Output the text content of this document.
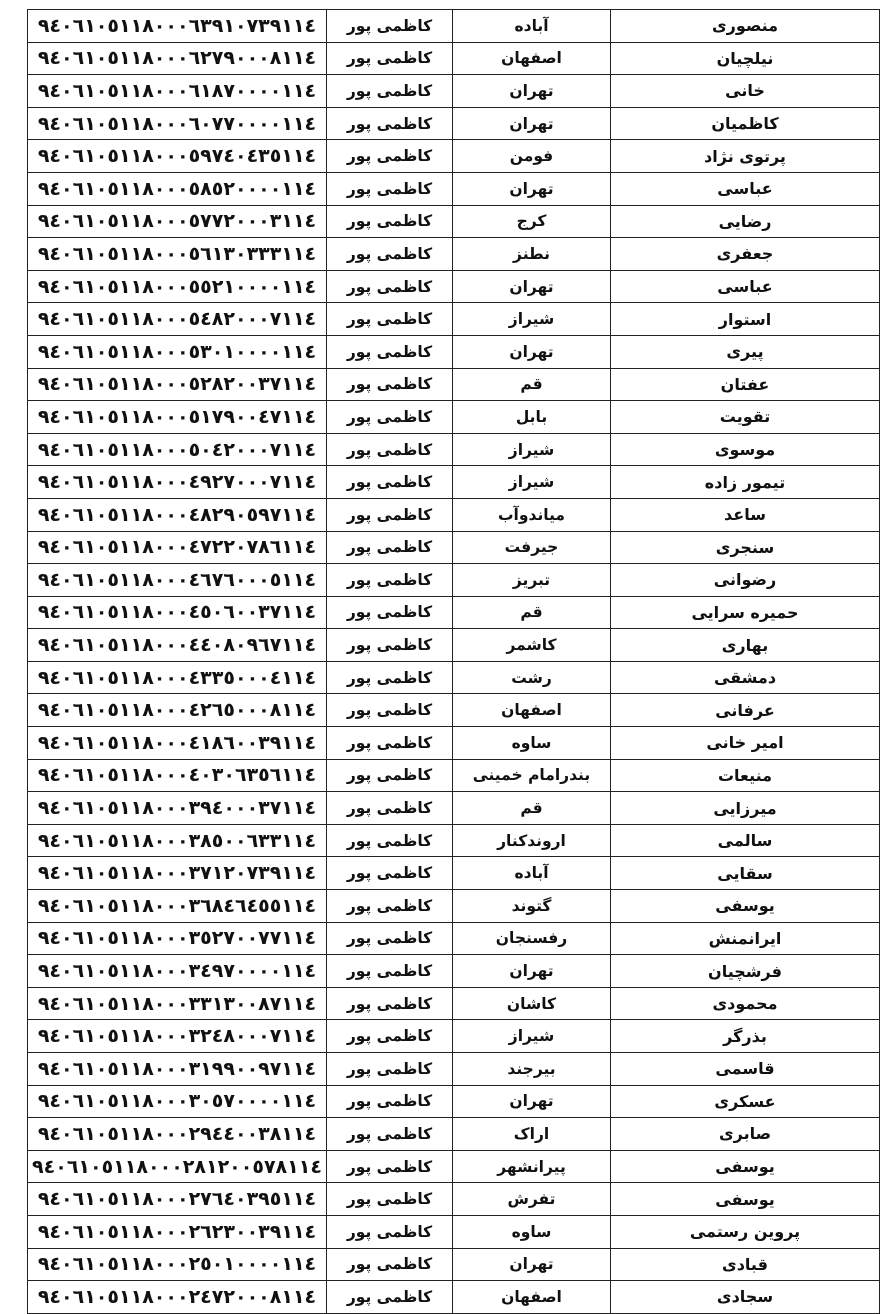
۹٤٠٦١٠٥١١٨٠٠٠٦٣٩١٠٧٣٩١١٤	کاظمی پور	آباده	منصوری
۹٤٠٦١٠٥١١٨٠٠٠٦٢٧٩٠٠٠٨١١٤	کاظمی پور	اصفهان	نیلچیان
۹٤٠٦١٠٥١١٨٠٠٠٦١٨٧٠٠٠٠١١٤	کاظمی پور	تهران	خانی
۹٤٠٦١٠٥١١٨٠٠٠٦٠٧٧٠٠٠٠١١٤	کاظمی پور	تهران	کاظمیان
۹٤٠٦١٠٥١١٨٠٠٠٥٩٧٤٠٤٣٥١١٤	کاظمی پور	فومن	پرتوی نژاد
۹٤٠٦١٠٥١١٨٠٠٠٥٨٥٢٠٠٠٠١١٤	کاظمی پور	تهران	عباسی
۹٤٠٦١٠٥١١٨٠٠٠٥٧٧٢٠٠٠٣١١٤	کاظمی پور	کرج	رضایی
۹٤٠٦١٠٥١١٨٠٠٠٥٦١٣٠٣٣٣١١٤	کاظمی پور	نطنز	جعفری
۹٤٠٦١٠٥١١٨٠٠٠٥٥٢١٠٠٠٠١١٤	کاظمی پور	تهران	عباسی
۹٤٠٦١٠٥١١٨٠٠٠٥٤٨٢٠٠٠٧١١٤	کاظمی پور	شیراز	استوار
۹٤٠٦١٠٥١١٨٠٠٠٥٣٠١٠٠٠٠١١٤	کاظمی پور	تهران	پیری
۹٤٠٦١٠٥١١٨٠٠٠٥٢٨٢٠٠٣٧١١٤	کاظمی پور	قم	عفتان
۹٤٠٦١٠٥١١٨٠٠٠٥١٧٩٠٠٤٧١١٤	کاظمی پور	بابل	تقویت
۹٤٠٦١٠٥١١٨٠٠٠٥٠٤٢٠٠٠٧١١٤	کاظمی پور	شیراز	موسوی
۹٤٠٦١٠٥١١٨٠٠٠٤٩٢٧٠٠٠٧١١٤	کاظمی پور	شیراز	تیمور زاده
۹٤٠٦١٠٥١١٨٠٠٠٤٨٢٩٠٥٩٧١١٤	کاظمی پور	میاندوآب	ساعد
۹٤٠٦١٠٥١١٨٠٠٠٤٧٢٢٠٧٨٦١١٤	کاظمی پور	جیرفت	سنجری
۹٤٠٦١٠٥١١٨٠٠٠٤٦٧٦٠٠٠٥١١٤	کاظمی پور	تبریز	رضوانی
۹٤٠٦١٠٥١١٨٠٠٠٤٥٠٦٠٠٣٧١١٤	کاظمی پور	قم	حمیره سرایی
۹٤٠٦١٠٥١١٨٠٠٠٤٤٠٨٠٩٦٧١١٤	کاظمی پور	کاشمر	بهاری
۹٤٠٦١٠٥١١٨٠٠٠٤٣٣٥٠٠٠٤١١٤	کاظمی پور	رشت	دمشقی
۹٤٠٦١٠٥١١٨٠٠٠٤٢٦٥٠٠٠٨١١٤	کاظمی پور	اصفهان	عرفانی
۹٤٠٦١٠٥١١٨٠٠٠٤١٨٦٠٠٣٩١١٤	کاظمی پور	ساوه	امیر خانی
۹٤٠٦١٠٥١١٨٠٠٠٤٠٣٠٦٣٥٦١١٤	کاظمی پور	بندرامام خمینی	منیعات
۹٤٠٦١٠٥١١٨٠٠٠٣٩٤٠٠٠٣٧١١٤	کاظمی پور	قم	میرزایی
۹٤٠٦١٠٥١١٨٠٠٠٣٨٥٠٠٦٣٣١١٤	کاظمی پور	اروندکنار	سالمی
۹٤٠٦١٠٥١١٨٠٠٠٣٧١٢٠٧٣٩١١٤	کاظمی پور	آباده	سقایی
۹٤٠٦١٠٥١١٨٠٠٠٣٦٨٤٦٤٥٥١١٤	کاظمی پور	گتوند	یوسفی
۹٤٠٦١٠٥١١٨٠٠٠٣٥٢٧٠٠٧٧١١٤	کاظمی پور	رفسنجان	ایرانمنش
۹٤٠٦١٠٥١١٨٠٠٠٣٤٩٧٠٠٠٠١١٤	کاظمی پور	تهران	فرشچیان
۹٤٠٦١٠٥١١٨٠٠٠٣٣١٣٠٠٨٧١١٤	کاظمی پور	کاشان	محمودی
۹٤٠٦١٠٥١١٨٠٠٠٣٢٤٨٠٠٠٧١١٤	کاظمی پور	شیراز	بذرگر
۹٤٠٦١٠٥١١٨٠٠٠٣١٩٩٠٠٩٧١١٤	کاظمی پور	بیرجند	قاسمی
۹٤٠٦١٠٥١١٨٠٠٠٣٠٥٧٠٠٠٠١١٤	کاظمی پور	تهران	عسکری
۹٤٠٦١٠٥١١٨٠٠٠٢٩٤٤٠٠٣٨١١٤	کاظمی پور	اراک	صابری
۹٤٠٦١٠٥١١٨٠٠٠٢٨١٢٠٠٥٧٨١١٤	کاظمی پور	پیرانشهر	یوسفی
۹٤٠٦١٠٥١١٨٠٠٠٢٧٦٤٠٣٩٥١١٤	کاظمی پور	تفرش	یوسفی
۹٤٠٦١٠٥١١٨٠٠٠٢٦٢٣٠٠٣٩١١٤	کاظمی پور	ساوه	پروین رستمی
۹٤٠٦١٠٥١١٨٠٠٠٢٥٠١٠٠٠٠١١٤	کاظمی پور	تهران	قبادی
۹٤٠٦١٠٥١١٨٠٠٠٢٤٧٢٠٠٠٨١١٤	کاظمی پور	اصفهان	سجادی
